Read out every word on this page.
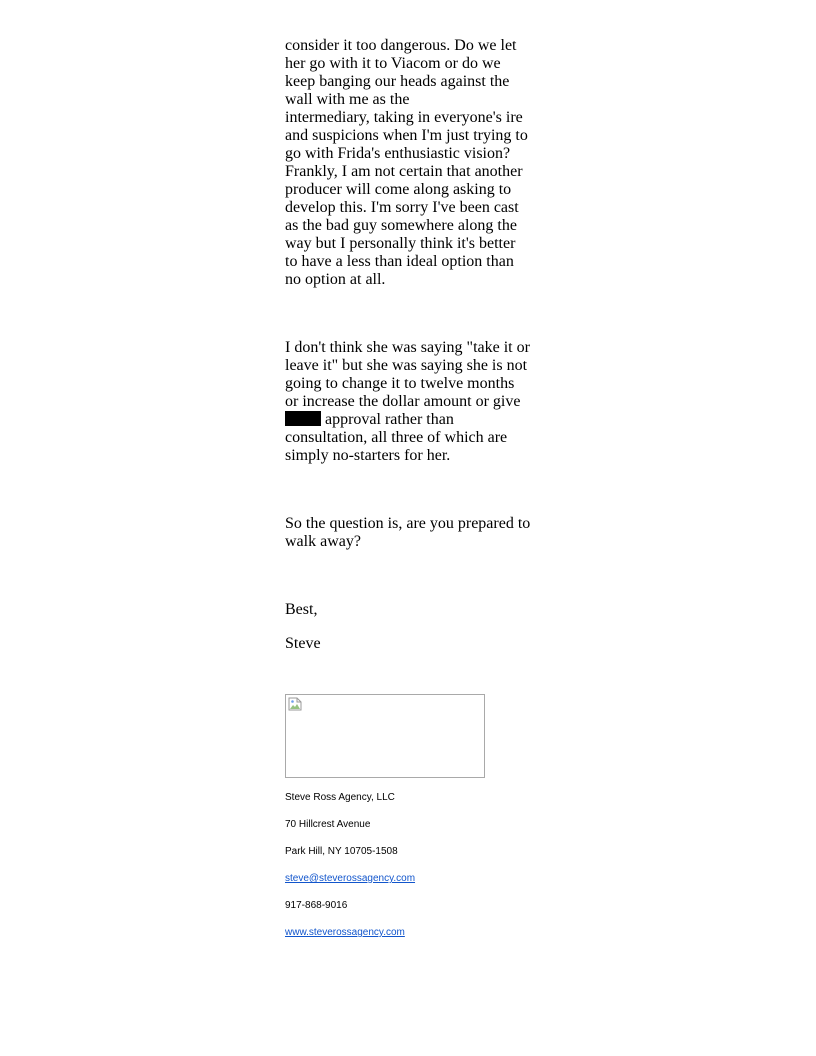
consider it too dangerous. Do we let
her go with it to Viacom or do we
keep banging our heads against the
wall with me as the
intermediary, taking in everyone's ire
and suspicions when I'm just trying to
go with Frida's enthusiastic vision?
Frankly, I am not certain that another
producer will come along asking to
develop this. I'm sorry I've been cast
as the bad guy somewhere along the
way but I personally think it's better
to have a less than ideal option than
no option at all.

I don't think she was saying "take it or
leave it" but she was saying she is not
going to change it to twelve months
or increase the dollar amount or give
approval rather than
consultation, all three of which are
simply no-starters for her.

So the question is, are you prepared to
walk away?

Best,

Steve

Steve Ross Agency, LLC
70 Hillcrest Avenue
Park Hill, NY 10705-1508
steve@steverossagency.com
917-868-9016
www.steverossagency.com
